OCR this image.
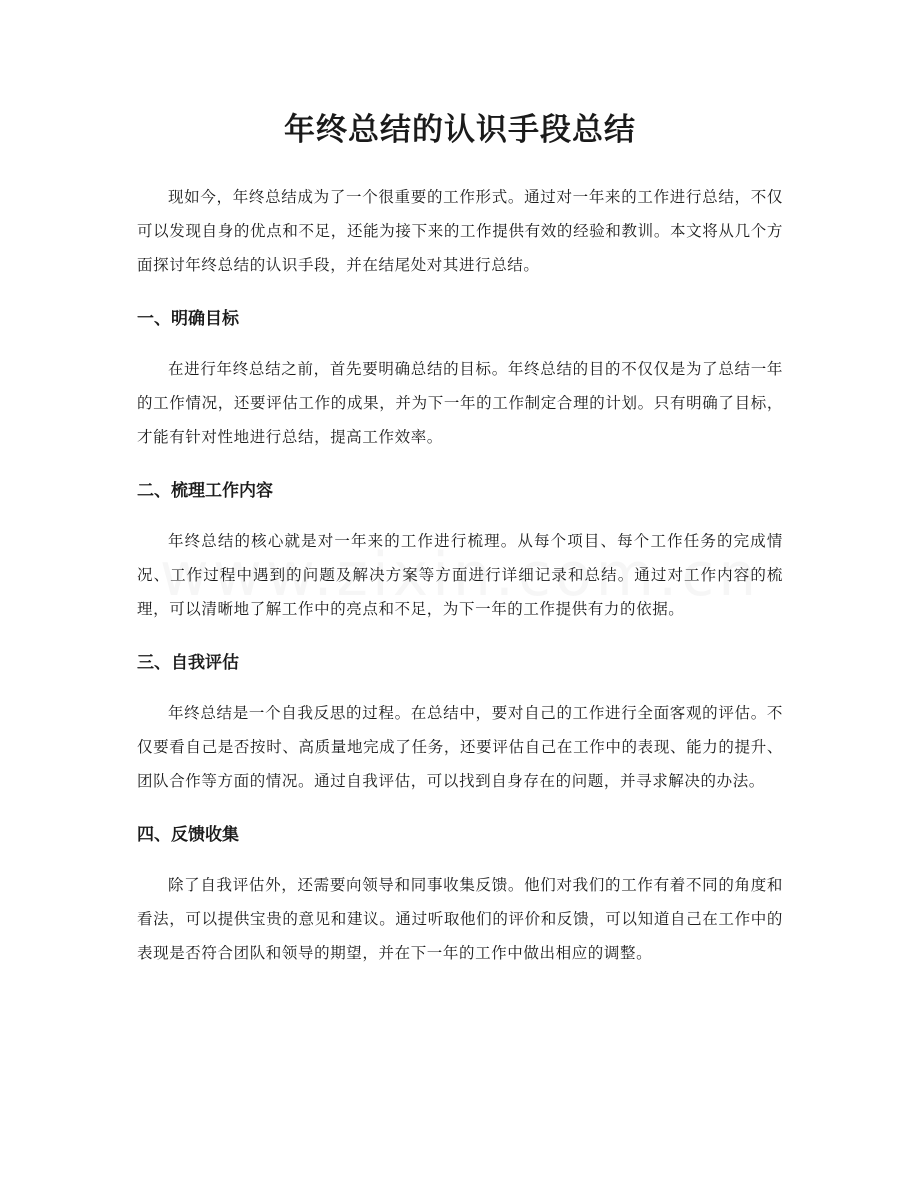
年终总结的认识手段总结

现如今，年终总结成为了一个很重要的工作形式。通过对一年来的工作进行总结，不仅可以发现自身的优点和不足，还能为接下来的工作提供有效的经验和教训。本文将从几个方面探讨年终总结的认识手段，并在结尾处对其进行总结。

一、明确目标

在进行年终总结之前，首先要明确总结的目标。年终总结的目的不仅仅是为了总结一年的工作情况，还要评估工作的成果，并为下一年的工作制定合理的计划。只有明确了目标，才能有针对性地进行总结，提高工作效率。

二、梳理工作内容

年终总结的核心就是对一年来的工作进行梳理。从每个项目、每个工作任务的完成情况、工作过程中遇到的问题及解决方案等方面进行详细记录和总结。通过对工作内容的梳理，可以清晰地了解工作中的亮点和不足，为下一年的工作提供有力的依据。

三、自我评估

年终总结是一个自我反思的过程。在总结中，要对自己的工作进行全面客观的评估。不仅要看自己是否按时、高质量地完成了任务，还要评估自己在工作中的表现、能力的提升、团队合作等方面的情况。通过自我评估，可以找到自身存在的问题，并寻求解决的办法。

四、反馈收集

除了自我评估外，还需要向领导和同事收集反馈。他们对我们的工作有着不同的角度和看法，可以提供宝贵的意见和建议。通过听取他们的评价和反馈，可以知道自己在工作中的表现是否符合团队和领导的期望，并在下一年的工作中做出相应的调整。
